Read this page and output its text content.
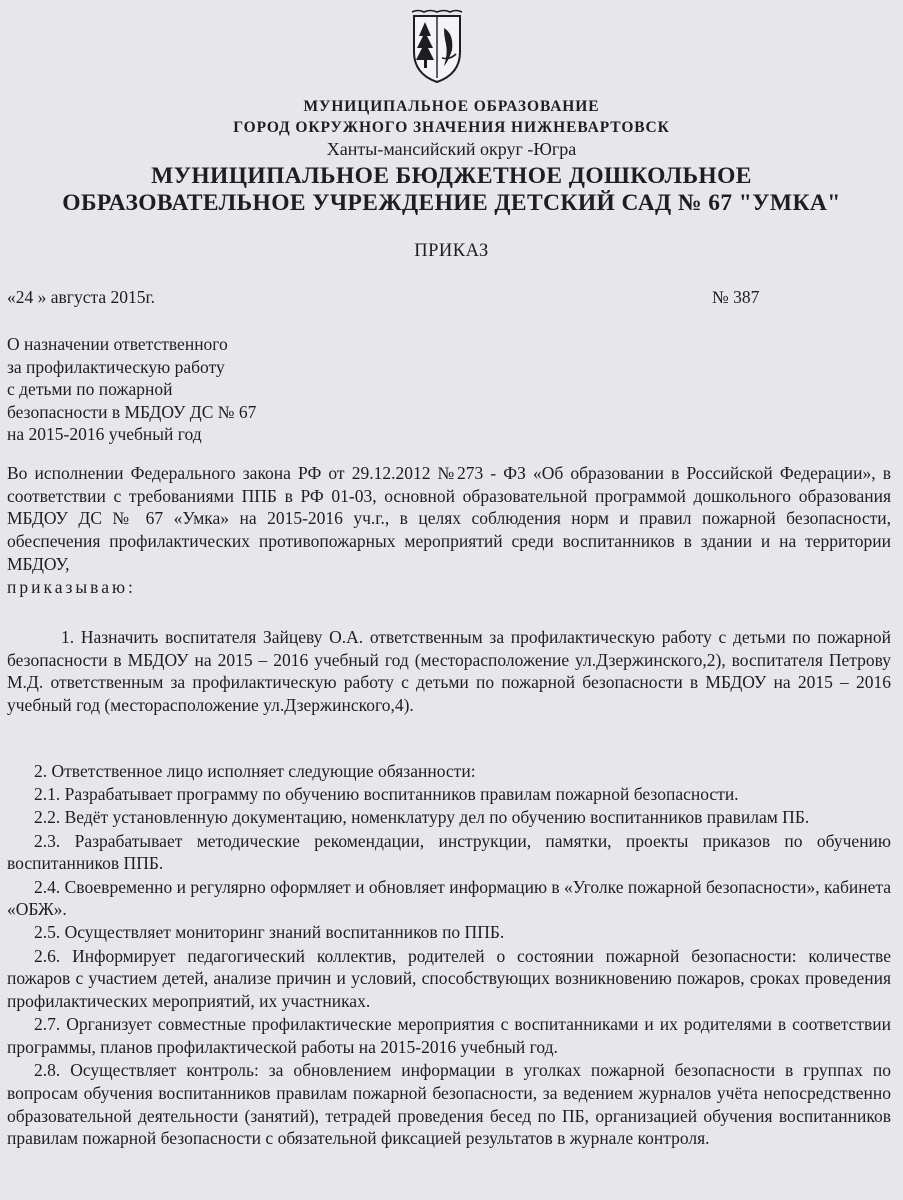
МУНИЦИПАЛЬНОЕ ОБРАЗОВАНИЕ
ГОРОД ОКРУЖНОГО ЗНАЧЕНИЯ НИЖНЕВАРТОВСК
Ханты-мансийский округ -Югра
МУНИЦИПАЛЬНОЕ БЮДЖЕТНОЕ ДОШКОЛЬНОЕ
ОБРАЗОВАТЕЛЬНОЕ УЧРЕЖДЕНИЕ ДЕТСКИЙ САД № 67 "УМКА"
ПРИКАЗ
«24 » августа 2015г.	№ 387
О назначении ответственного
за профилактическую работу
с детьми по пожарной
безопасности в МБДОУ ДС № 67
на 2015-2016 учебный год

Во исполнении Федерального закона РФ от 29.12.2012 №273 - ФЗ «Об образовании в Российской Федерации», в соответствии с требованиями ППБ в РФ 01-03, основной образовательной программой дошкольного образования МБДОУ ДС № 67 «Умка» на 2015-2016 уч.г., в целях соблюдения норм и правил пожарной безопасности, обеспечения профилактических противопожарных мероприятий среди воспитанников в здании и на территории МБДОУ,

приказываю:

1. Назначить воспитателя Зайцеву О.А. ответственным за профилактическую работу с детьми по пожарной безопасности в МБДОУ на 2015 – 2016 учебный год (месторасположение ул.Дзержинского,2), воспитателя Петрову М.Д. ответственным за профилактическую работу с детьми по пожарной безопасности в МБДОУ на 2015 – 2016 учебный год (месторасположение ул.Дзержинского,4).

2. Ответственное лицо исполняет следующие обязанности:

2.1. Разрабатывает программу по обучению воспитанников правилам пожарной безопасности.

2.2. Ведёт установленную документацию, номенклатуру дел по обучению воспитанников правилам ПБ.

2.3. Разрабатывает методические рекомендации, инструкции, памятки, проекты приказов по обучению воспитанников ППБ.

2.4. Своевременно и регулярно оформляет и обновляет информацию в «Уголке пожарной безопасности», кабинета «ОБЖ».

2.5. Осуществляет мониторинг знаний воспитанников по ППБ.

2.6. Информирует педагогический коллектив, родителей о состоянии пожарной безопасности: количестве пожаров с участием детей, анализе причин и условий, способствующих возникновению пожаров, сроках проведения профилактических мероприятий, их участниках.

2.7. Организует совместные профилактические мероприятия с воспитанниками и их родителями в соответствии программы, планов профилактической работы на 2015-2016 учебный год.

2.8. Осуществляет контроль: за обновлением информации в уголках пожарной безопасности в группах по вопросам обучения воспитанников правилам пожарной безопасности, за ведением журналов учёта непосредственно образовательной деятельности (занятий), тетрадей проведения бесед по ПБ, организацией обучения воспитанников правилам пожарной безопасности с обязательной фиксацией результатов в журнале контроля.
